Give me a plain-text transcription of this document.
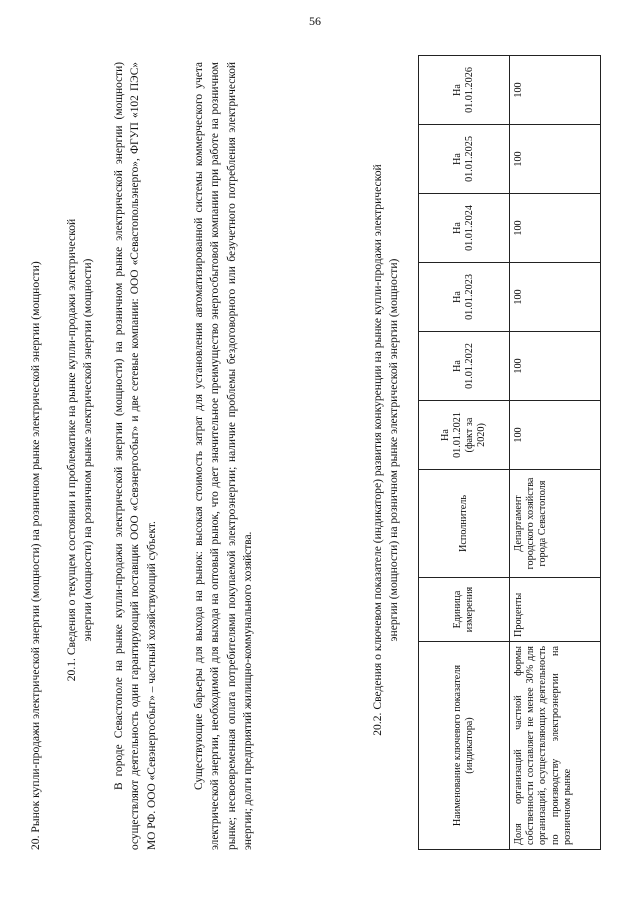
56
20. Рынок купли-продажи электрической энергии (мощности) на розничном рынке электрической энергии (мощности) 20.1. Сведения о текущем состоянии и проблематике на рынке купли-продажи электрической энергии (мощности) на розничном рынке электрической энергии (мощности) В городе Севастополе на рынке купли-продажи электрической энергии (мощности) на розничном рынке электрической энергии (мощности) осуществляют деятельность один гарантирующий поставщик ООО «Севэнергосбыт» и две сетевые компании: ООО «Севастопольэнерго», ФГУП «102 ПЭС» МО РФ. ООО «Севэнергосбыт» – частный хозяйствующий субъект.	Существующие барьеры для выхода на рынок: высокая стоимость затрат для установления автоматизированной системы коммерческого учета электрической энергии, необходимой для выхода на оптовый рынок, что дает значительное преимущество энергосбытовой компании при работе на розничном рынке; несвоевременная оплата потребителями покупаемой электроэнергии; наличие проблемы бездоговорного или безучетного потребления электрической энергии; долги предприятий жилищно-коммунального хозяйства.	20.2. Сведения о ключевом показателе (индикаторе) развития конкуренции на рынке купли-продажи электрической энергии (мощности) на розничном рынке электрической энергии (мощности)
Наименование ключевого показателя (индикатора)	Единица измерения	Исполнитель	На 01.01.2021 (факт за 2020)	На 01.01.2022	На 01.01.2023	На 01.01.2024	На 01.01.2025	На 01.01.2026
Доля организаций частной формы собственности составляет не менее 30% для организаций, осуществляющих деятельность по производству электроэнергии на розничном рынке	Проценты	Департамент городского хозяйства города Севастополя	100	100	100	100	100	100
